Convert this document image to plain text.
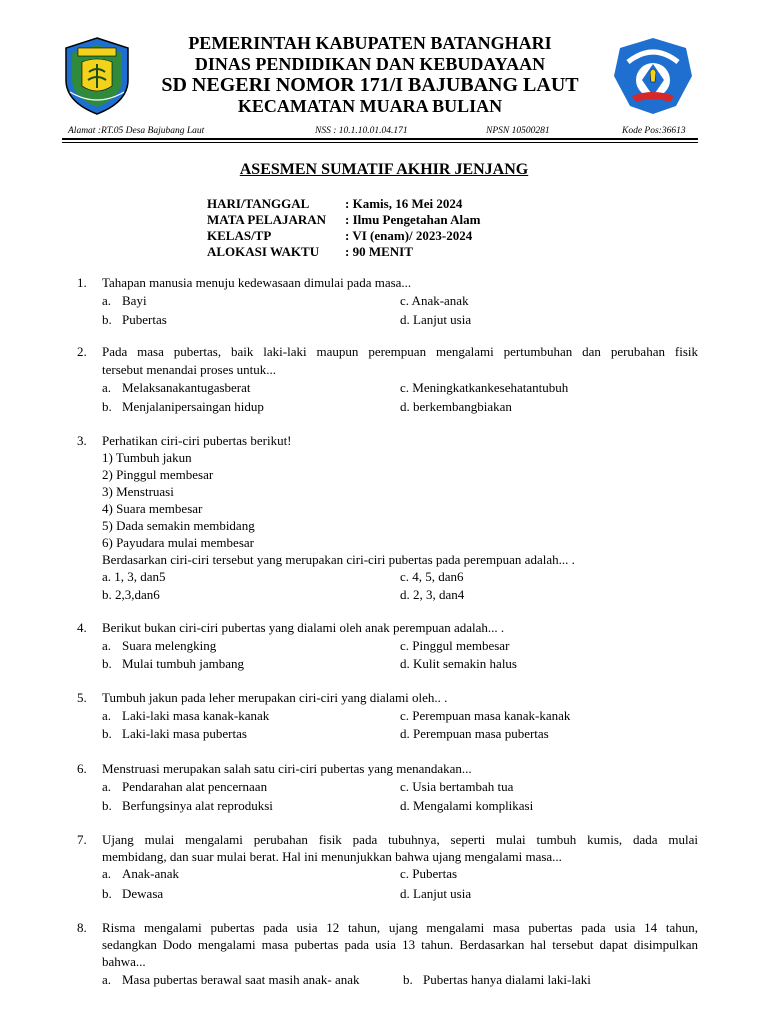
PEMERINTAH KABUPATEN BATANGHARI
DINAS PENDIDIKAN DAN KEBUDAYAAN
SD NEGERI NOMOR 171/I BAJUBANG LAUT
KECAMATAN MUARA BULIAN
Alamat :RT.05 Desa Bajubang Laut	NSS : 10.1.10.01.04.171	NPSN 10500281	Kode Pos:36613
ASESMEN SUMATIF AKHIR JENJANG
HARI/TANGGAL	: Kamis, 16 Mei 2024
MATA PELAJARAN : Ilmu Pengetahan Alam
KELAS/TP	: VI (enam)/ 2023-2024
ALOKASI WAKTU : 90 MENIT
1. Tahapan manusia menuju kedewasaan dimulai pada masa...
a. Bayi	c. Anak-anak
b. Pubertas	d. Lanjut usia
2. Pada masa pubertas, baik laki-laki maupun perempuan mengalami pertumbuhan dan perubahan fisik
tersebut menandai proses untuk...
a. Melaksanakantugasberat	c. Meningkatkankesehatantubuh
b. Menjalanipersaingan hidup	d. berkembangbiakan
3. Perhatikan ciri-ciri pubertas berikut!
1) Tumbuh jakun
2) Pinggul membesar
3) Menstruasi
4) Suara membesar
5) Dada semakin membidang
6) Payudara mulai membesar
Berdasarkan ciri-ciri tersebut yang merupakan ciri-ciri pubertas pada perempuan adalah... .
a. 1, 3, dan5	c. 4, 5, dan6
b. 2,3,dan6	d. 2, 3, dan4
4. Berikut bukan ciri-ciri pubertas yang dialami oleh anak perempuan adalah... .
a. Suara melengking	c. Pinggul membesar
b. Mulai tumbuh jambang	d. Kulit semakin halus
5. Tumbuh jakun pada leher merupakan ciri-ciri yang dialami oleh.. .
a. Laki-laki masa kanak-kanak	c. Perempuan masa kanak-kanak
b. Laki-laki masa pubertas	d. Perempuan masa pubertas
6. Menstruasi merupakan salah satu ciri-ciri pubertas yang menandakan...
a. Pendarahan alat pencernaan	c. Usia bertambah tua
b. Berfungsinya alat reproduksi	d. Mengalami komplikasi
7. Ujang mulai mengalami perubahan fisik pada tubuhnya, seperti mulai tumbuh kumis, dada mulai
membidang, dan suar mulai berat. Hal ini menunjukkan bahwa ujang mengalami masa...
a. Anak-anak	c. Pubertas
b. Dewasa	d. Lanjut usia
8. Risma mengalami pubertas pada usia 12 tahun, ujang mengalami masa pubertas pada usia 14 tahun,
sedangkan Dodo mengalami masa pubertas pada usia 13 tahun. Berdasarkan hal tersebut dapat disimpulkan
bahwa...
a. Masa pubertas berawal saat masih anak- anak	b. Pubertas hanya dialami laki-laki
